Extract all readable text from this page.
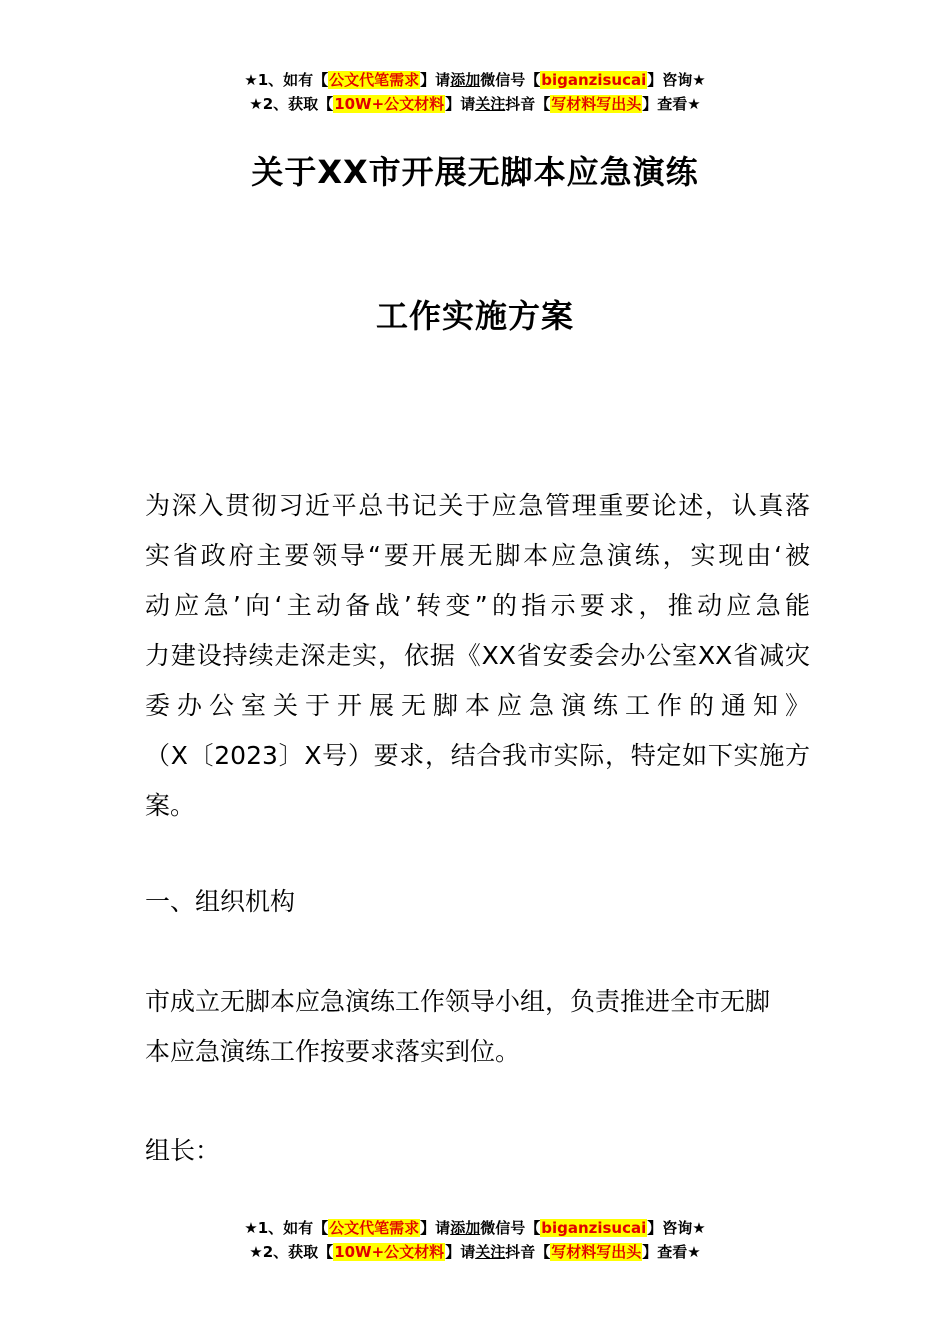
★1、如有【公文代笔需求】请添加微信号【biganzisucai】咨询★
★2、获取【10W+公文材料】请关注抖音【写材料写出头】查看★
关于XX市开展无脚本应急演练
工作实施方案
为深入贯彻习近平总书记关于应急管理重要论述，认真落
实省政府主要领导“要开展无脚本应急演练，实现由‘被
动应急’向‘主动备战’转变”的指示要求，推动应急能
力建设持续走深走实，依据《XX省安委会办公室XX省减灾
委办公室关于开展无脚本应急演练工作的通知》
（X〔2023〕X号）要求，结合我市实际，特定如下实施方
案。
一、组织机构
市成立无脚本应急演练工作领导小组，负责推进全市无脚
本应急演练工作按要求落实到位。
组长：
★1、如有【公文代笔需求】请添加微信号【biganzisucai】咨询★
★2、获取【10W+公文材料】请关注抖音【写材料写出头】查看★
